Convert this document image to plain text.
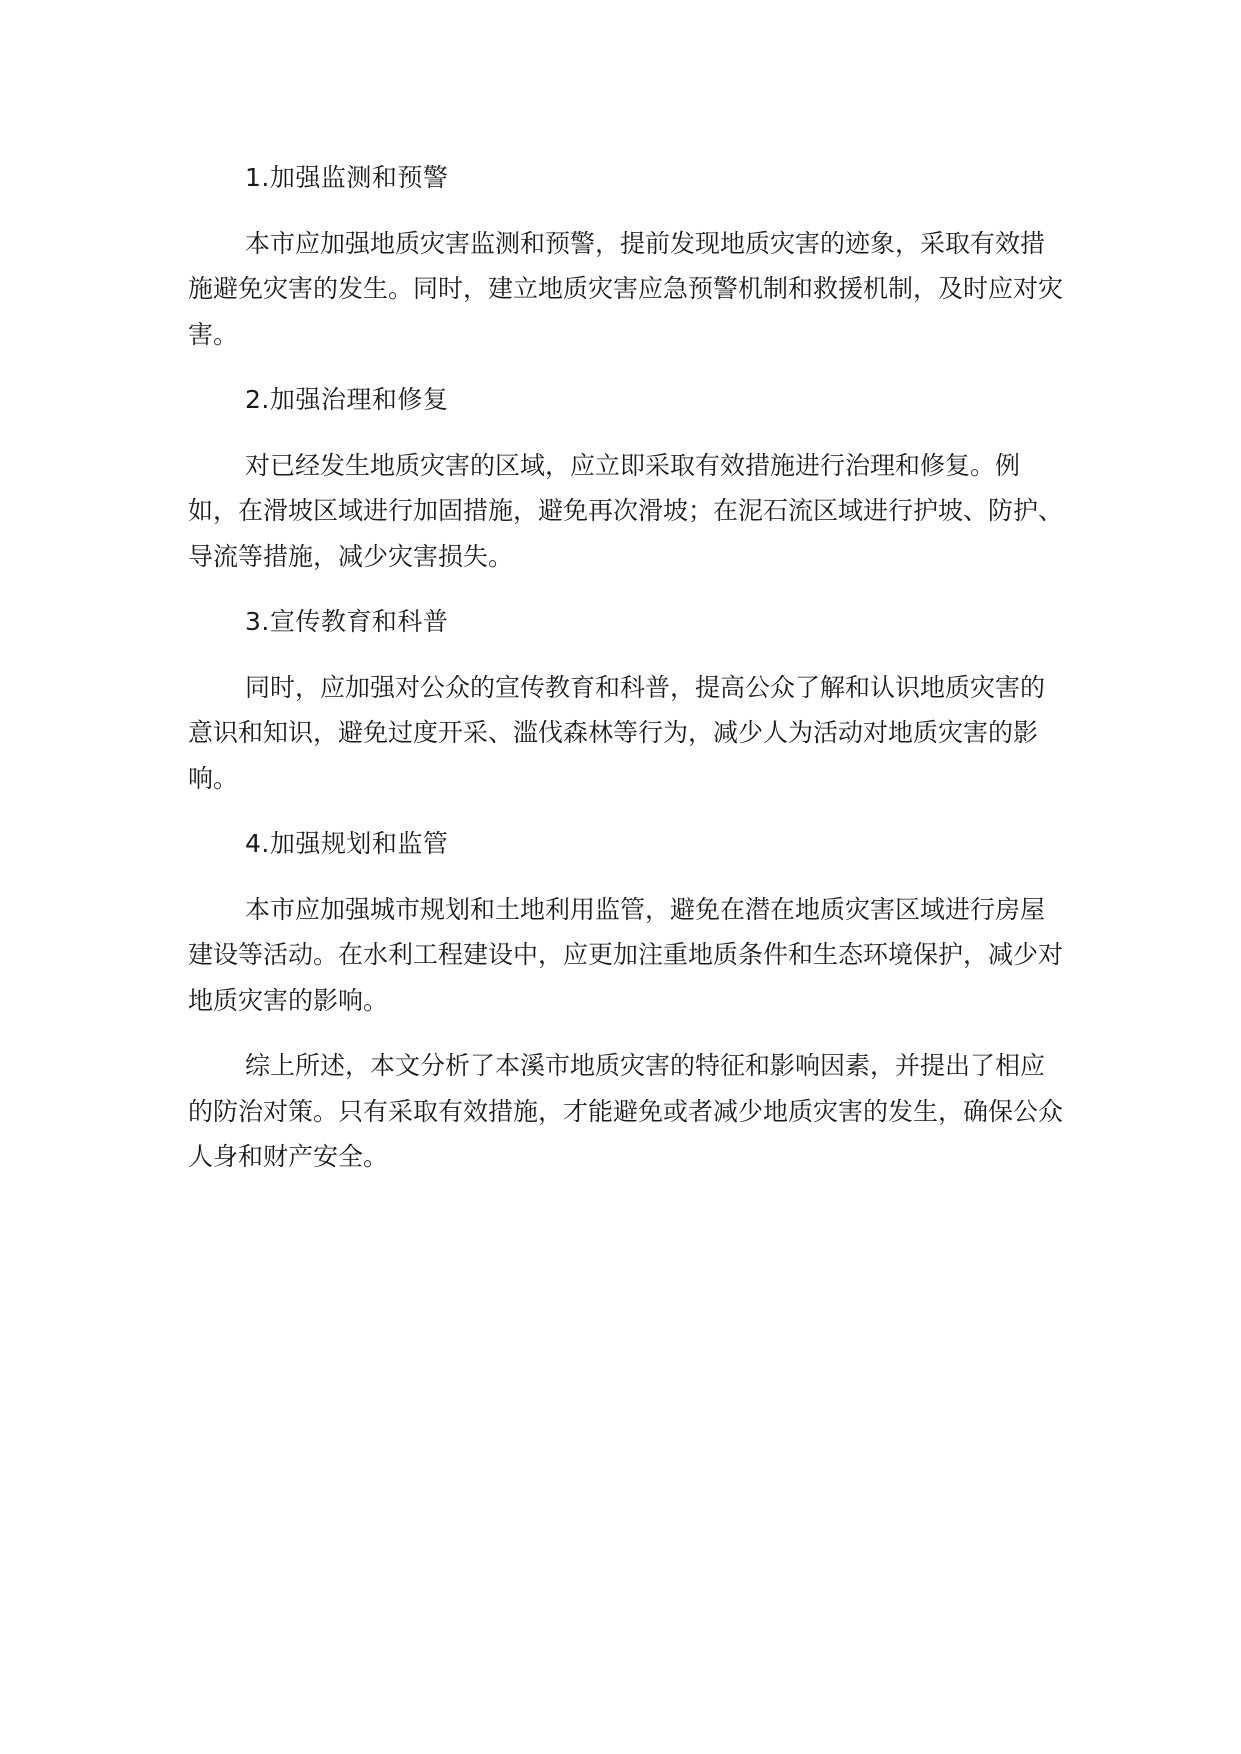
1.加强监测和预警

本市应加强地质灾害监测和预警，提前发现地质灾害的迹象，采取有效措施避免灾害的发生。同时，建立地质灾害应急预警机制和救援机制，及时应对灾害。

2.加强治理和修复

对已经发生地质灾害的区域，应立即采取有效措施进行治理和修复。例如，在滑坡区域进行加固措施，避免再次滑坡；在泥石流区域进行护坡、防护、导流等措施，减少灾害损失。

3.宣传教育和科普

同时，应加强对公众的宣传教育和科普，提高公众了解和认识地质灾害的意识和知识，避免过度开采、滥伐森林等行为，减少人为活动对地质灾害的影响。

4.加强规划和监管

本市应加强城市规划和土地利用监管，避免在潜在地质灾害区域进行房屋建设等活动。在水利工程建设中，应更加注重地质条件和生态环境保护，减少对地质灾害的影响。

综上所述，本文分析了本溪市地质灾害的特征和影响因素，并提出了相应的防治对策。只有采取有效措施，才能避免或者减少地质灾害的发生，确保公众人身和财产安全。
